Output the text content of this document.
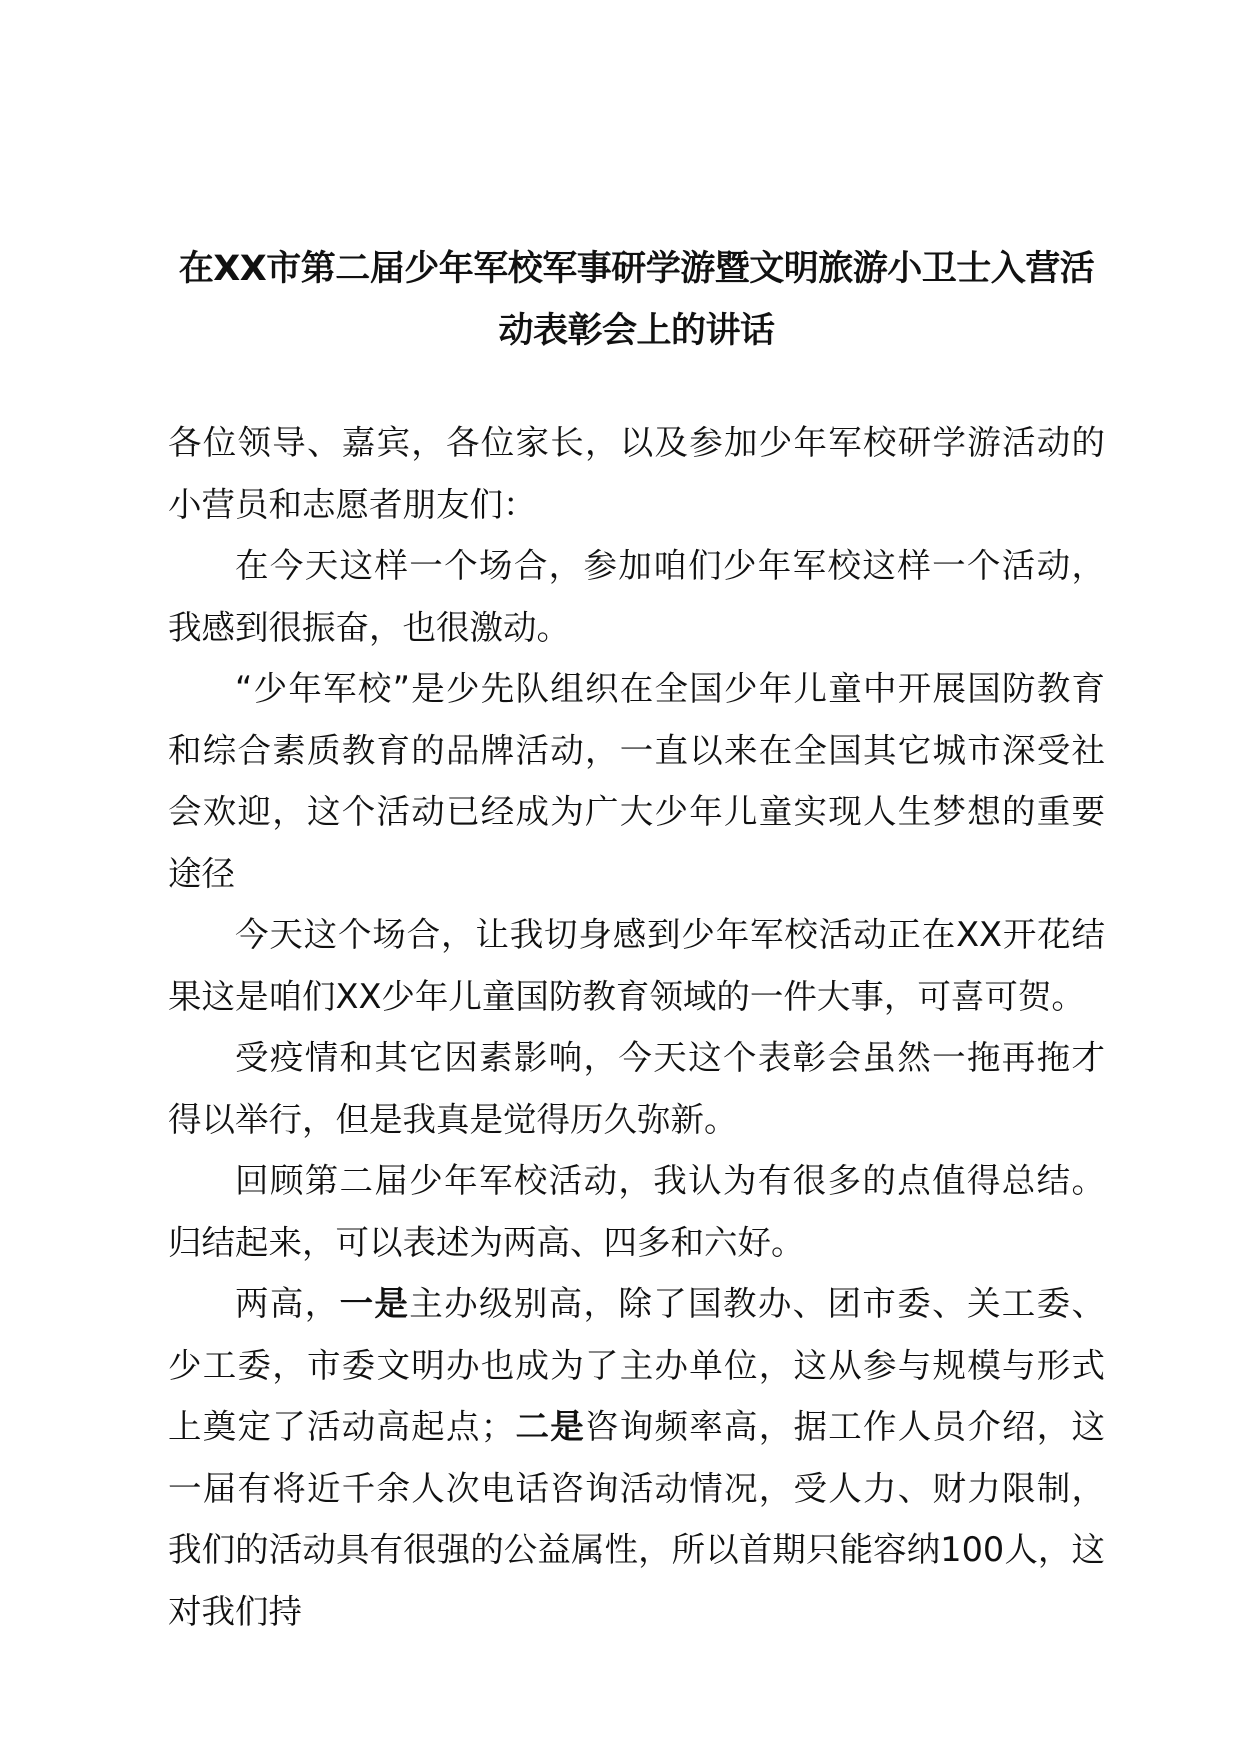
在XX市第二届少年军校军事研学游暨文明旅游小卫士入营活动表彰会上的讲话

各位领导、嘉宾，各位家长，以及参加少年军校研学游活动的小营员和志愿者朋友们：

在今天这样一个场合，参加咱们少年军校这样一个活动，我感到很振奋，也很激动。

“少年军校”是少先队组织在全国少年儿童中开展国防教育和综合素质教育的品牌活动，一直以来在全国其它城市深受社会欢迎，这个活动已经成为广大少年儿童实现人生梦想的重要途径

今天这个场合，让我切身感到少年军校活动正在XX开花结果这是咱们XX少年儿童国防教育领域的一件大事，可喜可贺。

受疫情和其它因素影响，今天这个表彰会虽然一拖再拖才得以举行，但是我真是觉得历久弥新。

回顾第二届少年军校活动，我认为有很多的点值得总结。归结起来，可以表述为两高、四多和六好。

两高，一是主办级别高，除了国教办、团市委、关工委、少工委，市委文明办也成为了主办单位，这从参与规模与形式上奠定了活动高起点；二是咨询频率高，据工作人员介绍，这一届有将近千余人次电话咨询活动情况，受人力、财力限制，我们的活动具有很强的公益属性，所以首期只能容纳100人，这对我们持
